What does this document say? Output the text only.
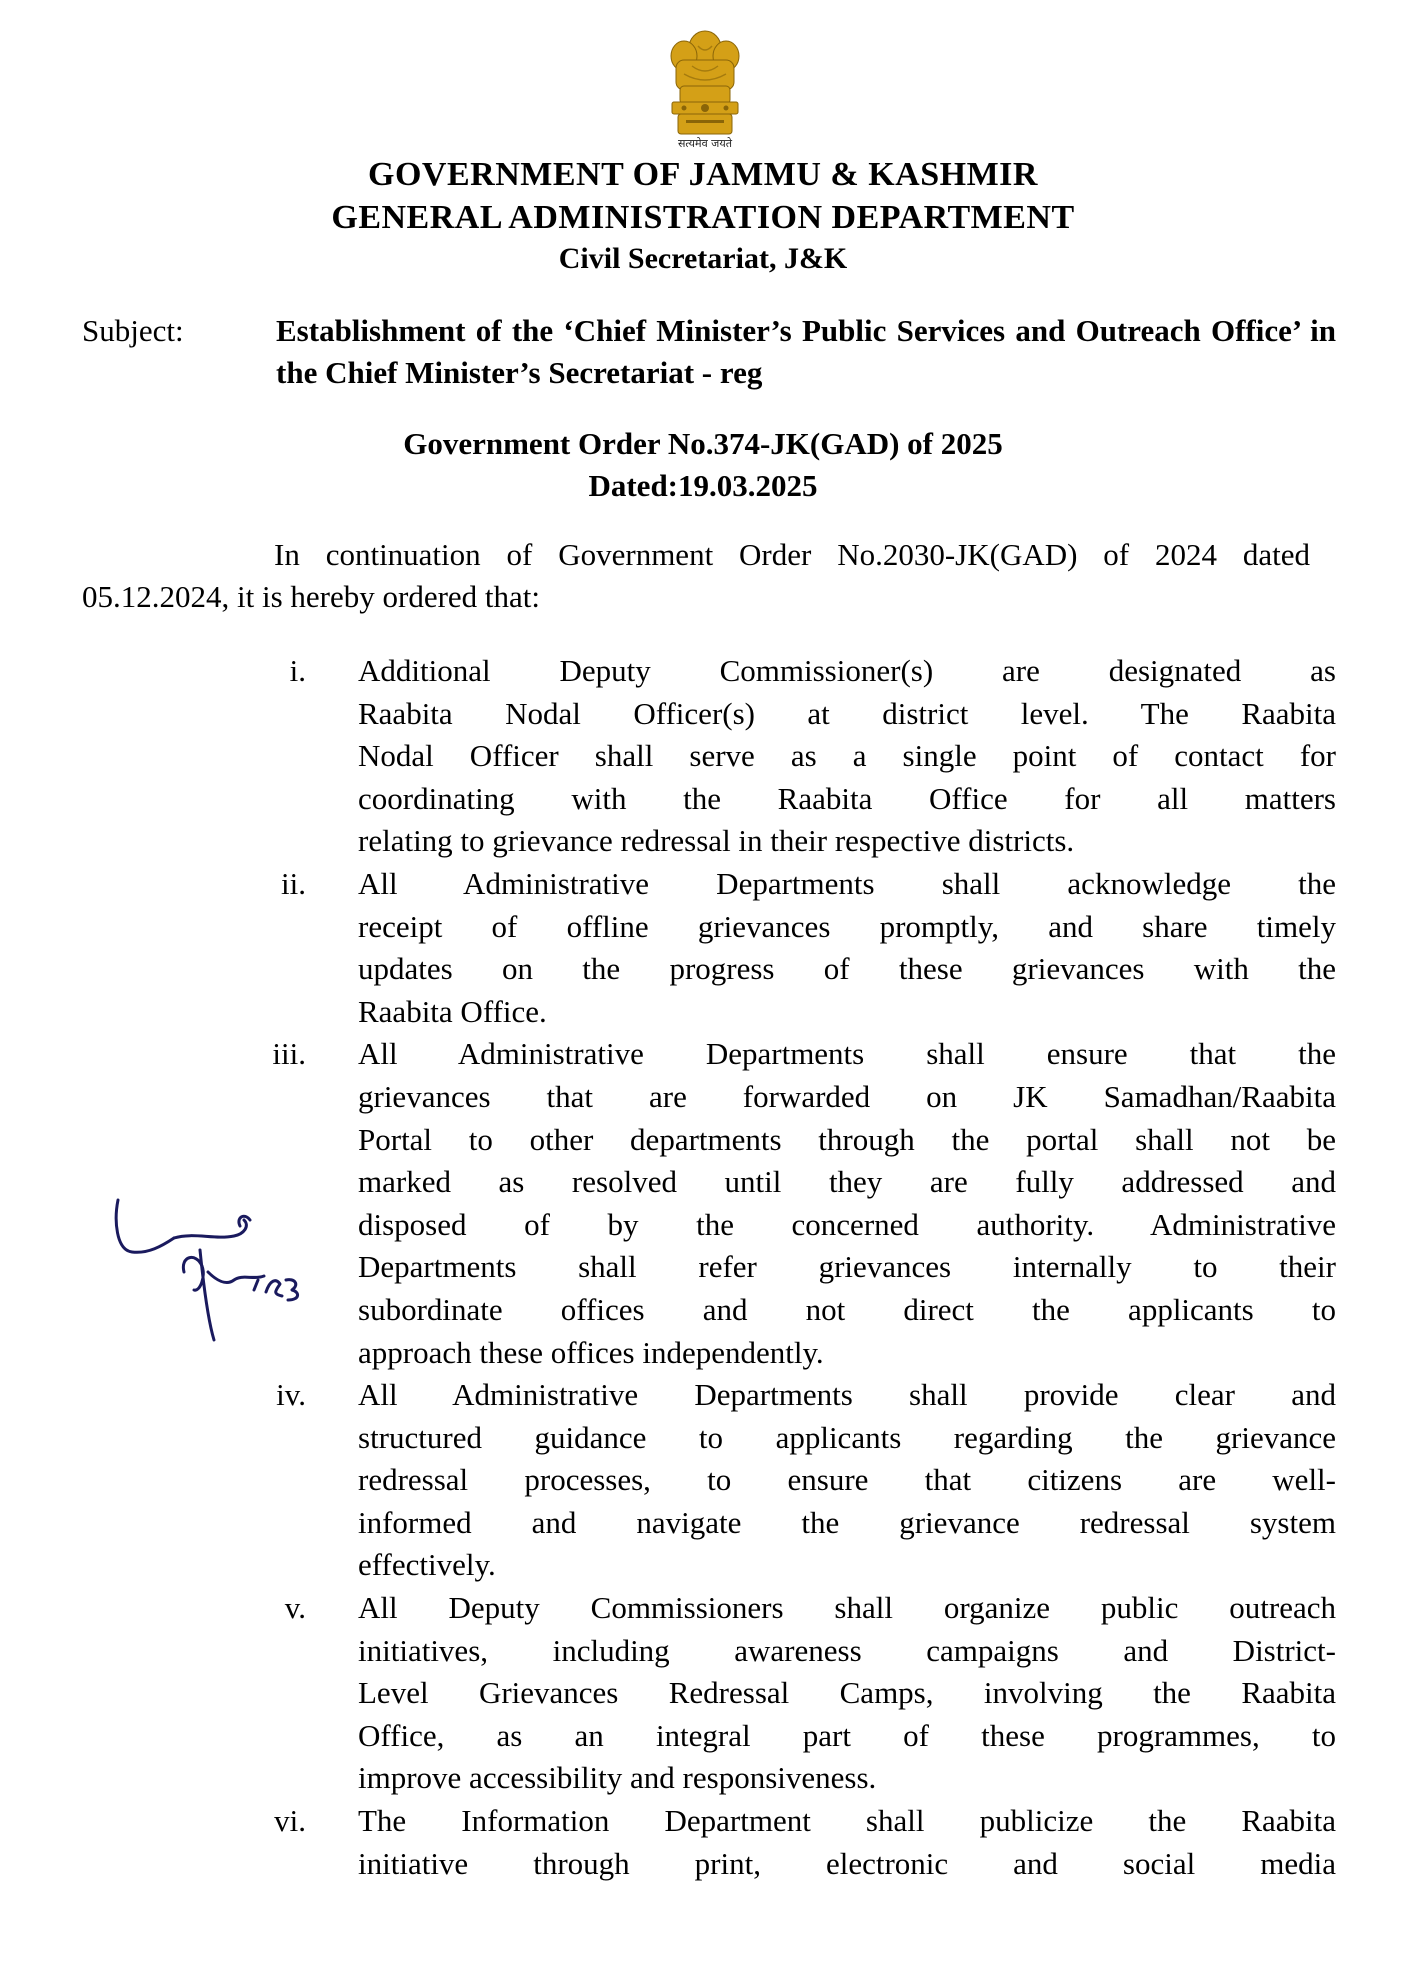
सत्यमेव जयते
GOVERNMENT OF JAMMU & KASHMIR
GENERAL ADMINISTRATION DEPARTMENT
Civil Secretariat, J&K
Subject:	Establishment of the ‘Chief Minister’s Public Services and Outreach Office’ in the Chief Minister’s Secretariat - reg
Government Order No.374-JK(GAD) of 2025
Dated:19.03.2025
In continuation of Government Order No.2030-JK(GAD) of 2024 dated 05.12.2024, it is hereby ordered that:
i. Additional Deputy Commissioner(s) are designated as
Raabita Nodal Officer(s) at district level. The Raabita
Nodal Officer shall serve as a single point of contact for
coordinating with the Raabita Office for all matters
relating to grievance redressal in their respective districts.
ii. All Administrative Departments shall acknowledge the
receipt of offline grievances promptly, and share timely
updates on the progress of these grievances with the
Raabita Office.
iii. All Administrative Departments shall ensure that the
grievances that are forwarded on JK Samadhan/Raabita
Portal to other departments through the portal shall not be
marked as resolved until they are fully addressed and
disposed of by the concerned authority. Administrative
Departments shall refer grievances internally to their
subordinate offices and not direct the applicants to
approach these offices independently.
iv. All Administrative Departments shall provide clear and
structured guidance to applicants regarding the grievance
redressal processes, to ensure that citizens are well-
informed and navigate the grievance redressal system
effectively.
v. All Deputy Commissioners shall organize public outreach
initiatives, including awareness campaigns and District-
Level Grievances Redressal Camps, involving the Raabita
Office, as an integral part of these programmes, to
improve accessibility and responsiveness.
vi. The Information Department shall publicize the Raabita
initiative through print, electronic and social media
